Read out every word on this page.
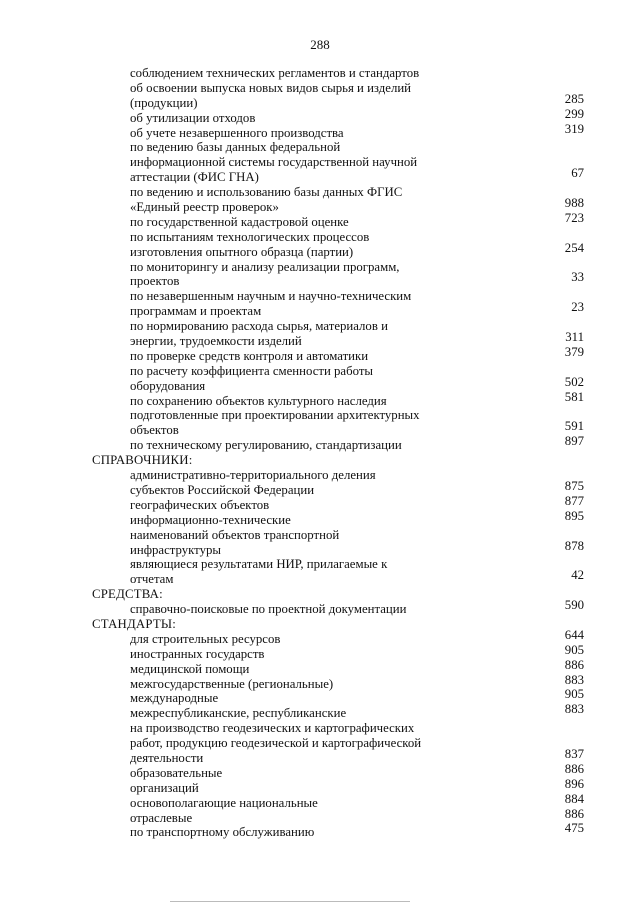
288
соблюдением технических регламентов и стандартов
об освоении выпуска новых видов сырья и изделий
(продукции)	285
об утилизации отходов	299
об учете незавершенного производства	319
по ведению базы данных федеральной
информационной системы государственной научной
аттестации (ФИС ГНА)	67
по ведению и использованию базы данных ФГИС
«Единый реестр проверок»	988
по государственной кадастровой оценке	723
по испытаниям технологических процессов
изготовления опытного образца (партии)	254
по мониторингу и анализу реализации программ,
проектов	33
по незавершенным научным и научно-техническим
программам и проектам	23
по нормированию расхода сырья, материалов и
энергии, трудоемкости изделий	311
по проверке средств контроля и автоматики	379
по расчету коэффициента сменности работы
оборудования	502
по сохранению объектов культурного наследия	581
подготовленные при проектировании архитектурных
объектов	591
по техническому регулированию, стандартизации	897
СПРАВОЧНИКИ:
административно-территориального деления
субъектов Российской Федерации	875
географических объектов	877
информационно-технические	895
наименований объектов транспортной
инфраструктуры	878
являющиеся результатами НИР, прилагаемые к
отчетам	42
СРЕДСТВА:
справочно-поисковые по проектной документации	590
СТАНДАРТЫ:
для строительных ресурсов	644
иностранных государств	905
медицинской помощи	886
межгосударственные (региональные)	883
международные	905
межреспубликанские, республиканские	883
на производство геодезических и картографических
работ, продукцию геодезической и картографической
деятельности	837
образовательные	886
организаций	896
основополагающие национальные	884
отраслевые	886
по транспортному обслуживанию	475
